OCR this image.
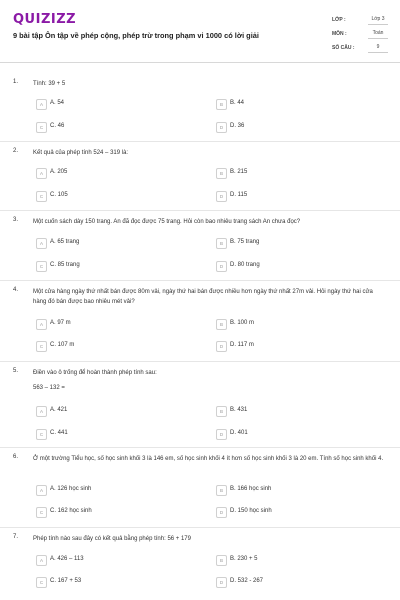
QUIZIZZ
9 bài tập Ôn tập về phép cộng, phép trừ trong phạm vi 1000 có lời giải
LỚP :	Lớp 3
MÔN :	Toán
SỐ CÂU :	9
1. Tính: 39 + 5
A	A. 54	B	B. 44
C	C. 46	D	D. 36
2. Kết quả của phép tính 524 – 319 là:
A	A. 205	B	B. 215
C	C. 105	D	D. 115
3. Một cuốn sách dày 150 trang. An đã đọc được 75 trang. Hỏi còn bao nhiêu trang sách An chưa đọc?
A	A. 65 trang	B	B. 75 trang
C	C. 85 trang	D	D. 80 trang
4. Một cửa hàng ngày thứ nhất bán được 80m vải, ngày thứ hai bán được nhiều hơn ngày thứ nhất 27m vải. Hỏi ngày thứ hai cửa hàng đó bán được bao nhiêu mét vải?
A	A. 97 m	B	B. 100 m
C	C. 107 m	D	D. 117 m
5. Điền vào ô trống để hoàn thành phép tính sau:
563 – 132 =
A	A. 421	B	B. 431
C	C. 441	D	D. 401
6. Ở một trường Tiểu học, số học sinh khối 3 là 146 em, số học sinh khối 4 ít hơn số học sinh khối 3 là 20 em. Tính số học sinh khối 4.
A	A. 126 học sinh	B	B. 166 học sinh
C	C. 162 học sinh	D	D. 150 học sinh
7. Phép tính nào sau đây có kết quả bằng phép tính: 56 + 179
A	A. 426 – 113	B	B. 230 + 5
C	C. 167 + 53	D	D. 532 - 267
